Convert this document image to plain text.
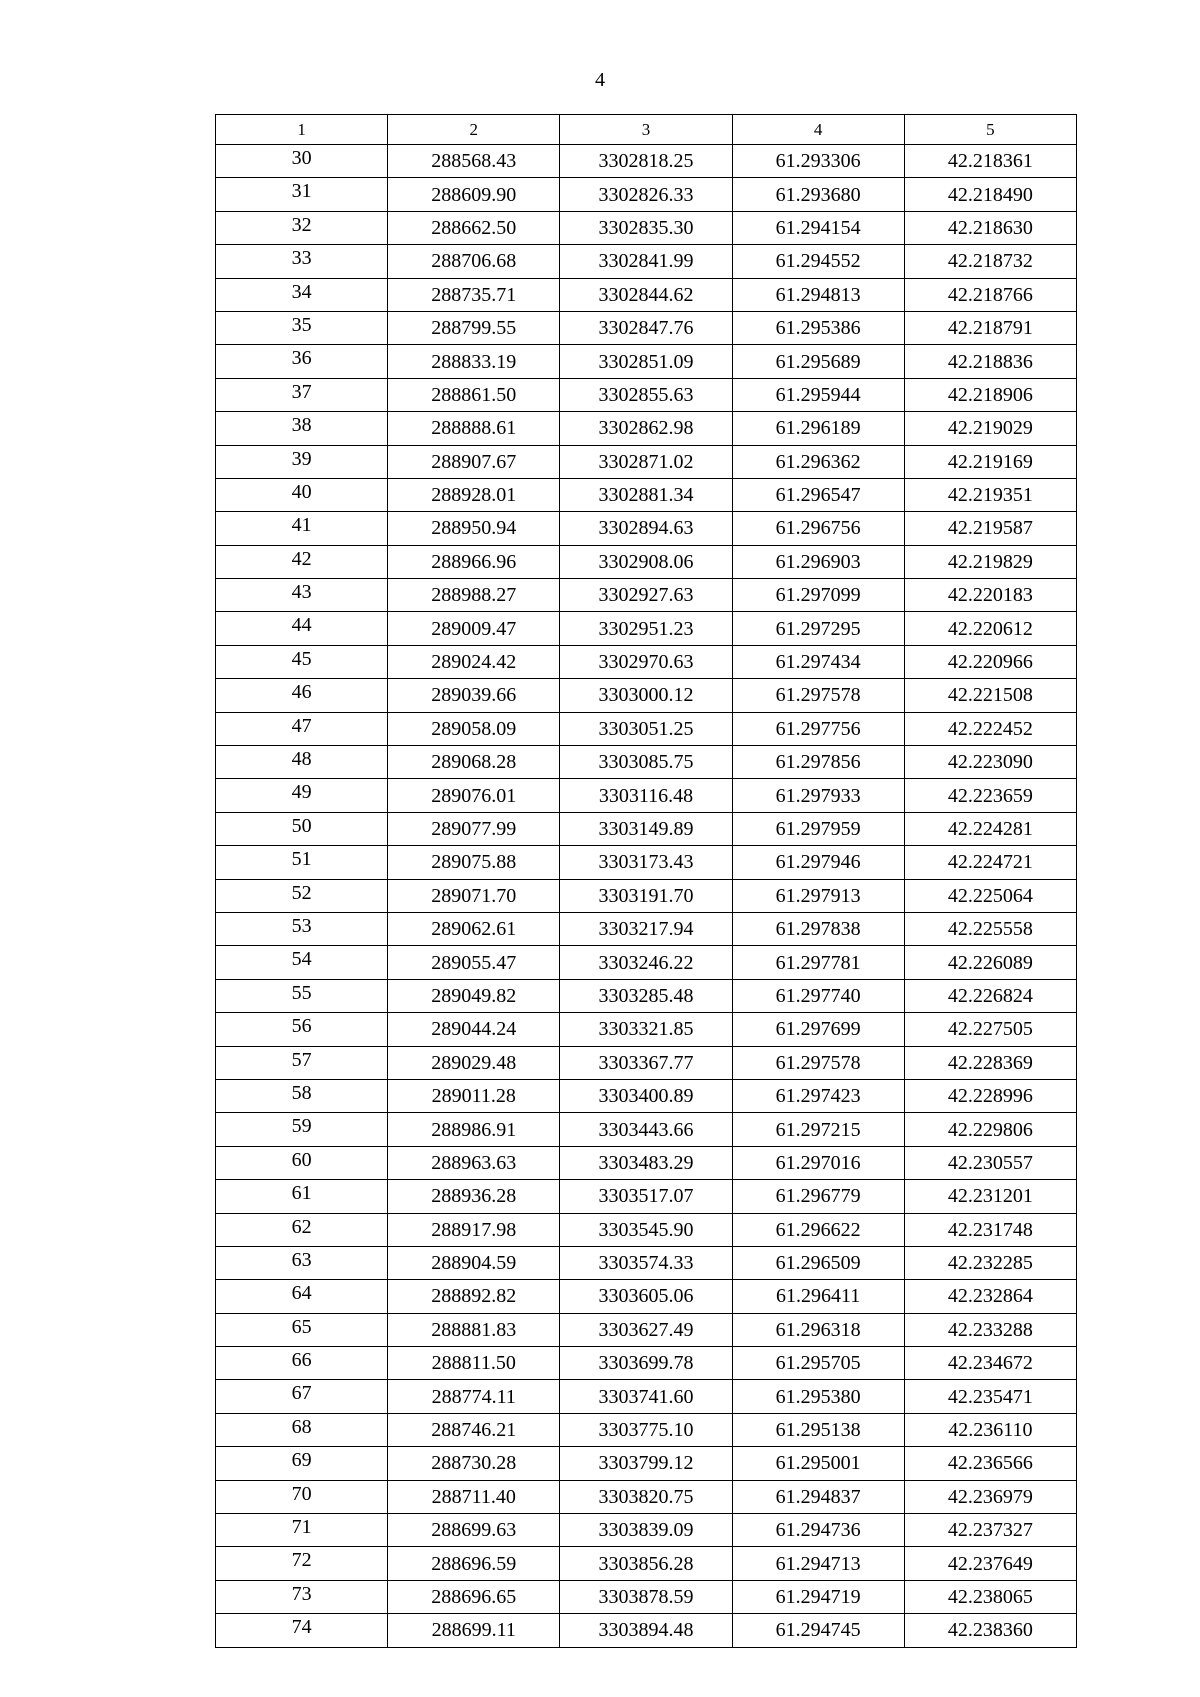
4
1	2	3	4	5
30	288568.43	3302818.25	61.293306	42.218361
31	288609.90	3302826.33	61.293680	42.218490
32	288662.50	3302835.30	61.294154	42.218630
33	288706.68	3302841.99	61.294552	42.218732
34	288735.71	3302844.62	61.294813	42.218766
35	288799.55	3302847.76	61.295386	42.218791
36	288833.19	3302851.09	61.295689	42.218836
37	288861.50	3302855.63	61.295944	42.218906
38	288888.61	3302862.98	61.296189	42.219029
39	288907.67	3302871.02	61.296362	42.219169
40	288928.01	3302881.34	61.296547	42.219351
41	288950.94	3302894.63	61.296756	42.219587
42	288966.96	3302908.06	61.296903	42.219829
43	288988.27	3302927.63	61.297099	42.220183
44	289009.47	3302951.23	61.297295	42.220612
45	289024.42	3302970.63	61.297434	42.220966
46	289039.66	3303000.12	61.297578	42.221508
47	289058.09	3303051.25	61.297756	42.222452
48	289068.28	3303085.75	61.297856	42.223090
49	289076.01	3303116.48	61.297933	42.223659
50	289077.99	3303149.89	61.297959	42.224281
51	289075.88	3303173.43	61.297946	42.224721
52	289071.70	3303191.70	61.297913	42.225064
53	289062.61	3303217.94	61.297838	42.225558
54	289055.47	3303246.22	61.297781	42.226089
55	289049.82	3303285.48	61.297740	42.226824
56	289044.24	3303321.85	61.297699	42.227505
57	289029.48	3303367.77	61.297578	42.228369
58	289011.28	3303400.89	61.297423	42.228996
59	288986.91	3303443.66	61.297215	42.229806
60	288963.63	3303483.29	61.297016	42.230557
61	288936.28	3303517.07	61.296779	42.231201
62	288917.98	3303545.90	61.296622	42.231748
63	288904.59	3303574.33	61.296509	42.232285
64	288892.82	3303605.06	61.296411	42.232864
65	288881.83	3303627.49	61.296318	42.233288
66	288811.50	3303699.78	61.295705	42.234672
67	288774.11	3303741.60	61.295380	42.235471
68	288746.21	3303775.10	61.295138	42.236110
69	288730.28	3303799.12	61.295001	42.236566
70	288711.40	3303820.75	61.294837	42.236979
71	288699.63	3303839.09	61.294736	42.237327
72	288696.59	3303856.28	61.294713	42.237649
73	288696.65	3303878.59	61.294719	42.238065
74	288699.11	3303894.48	61.294745	42.238360
